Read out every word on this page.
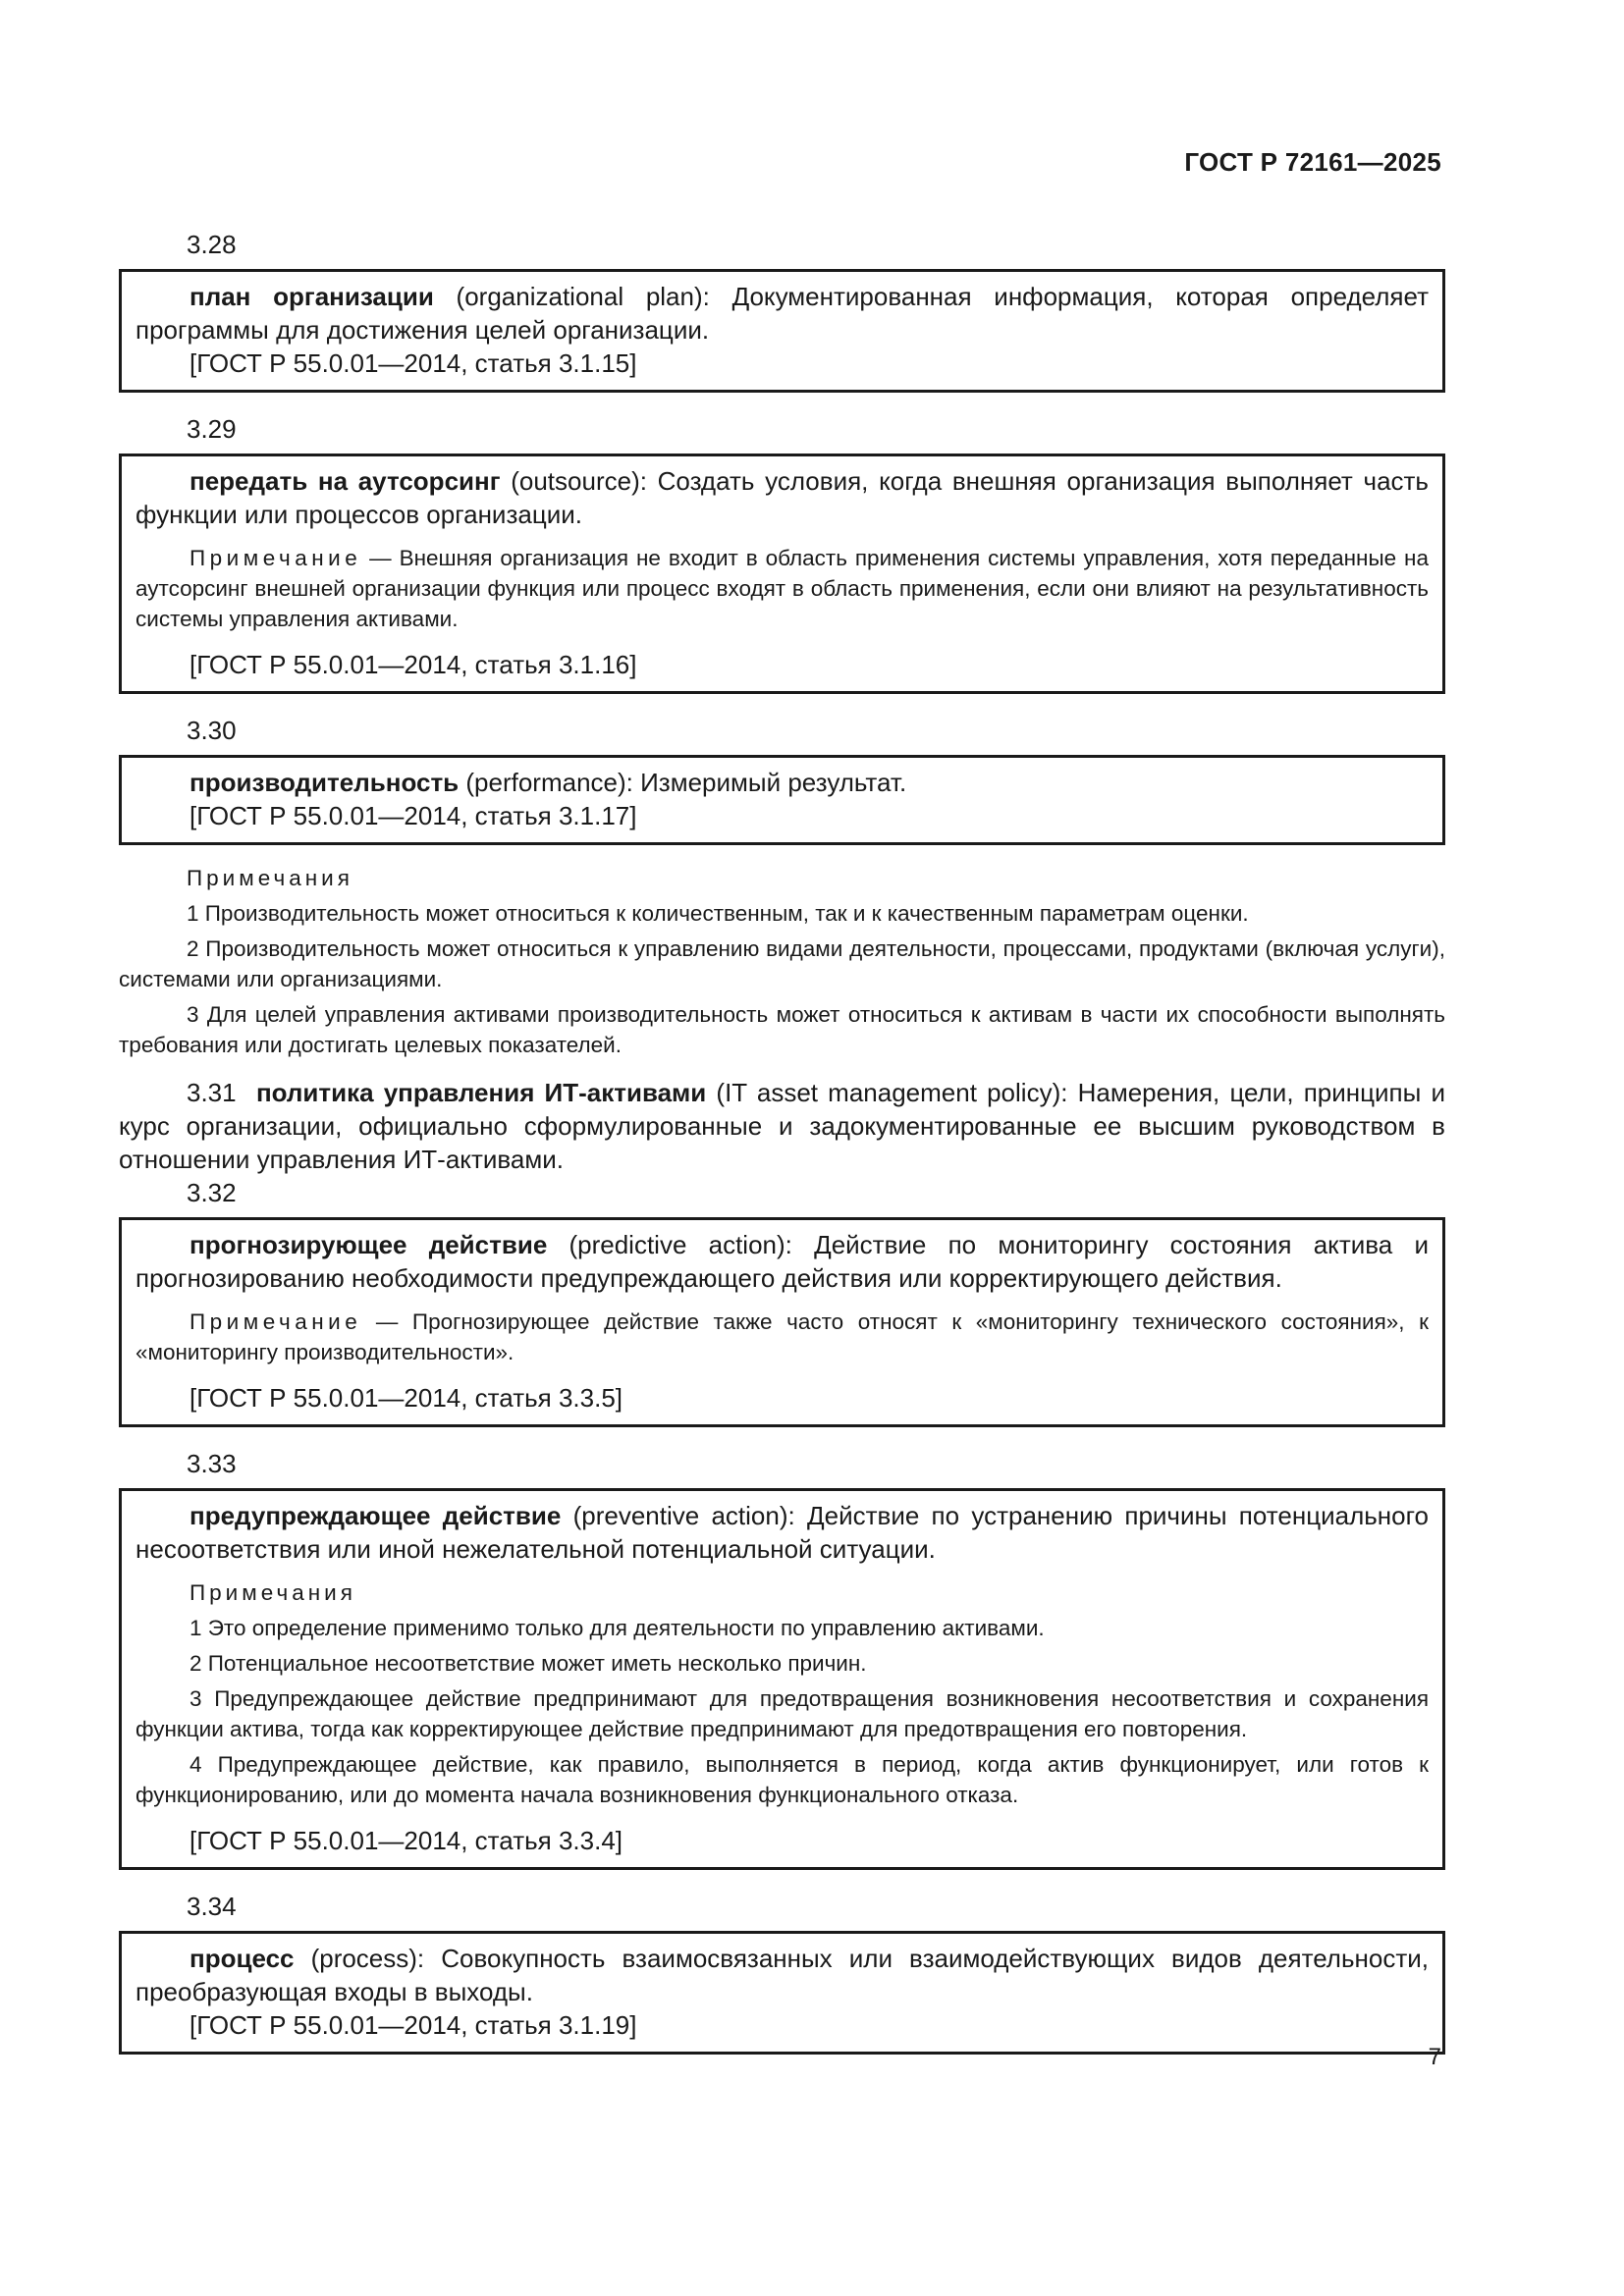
ГОСТ Р 72161—2025
3.28

план организации (organizational plan): Документированная информация, которая определяет программы для достижения целей организации.

[ГОСТ Р 55.0.01—2014, статья 3.1.15]

3.29

передать на аутсорсинг (outsource): Создать условия, когда внешняя организация выполняет часть функции или процессов организации.

Примечание — Внешняя организация не входит в область применения системы управления, хотя переданные на аутсорсинг внешней организации функция или процесс входят в область применения, если они влияют на результативность системы управления активами.

[ГОСТ Р 55.0.01—2014, статья 3.1.16]

3.30

производительность (performance): Измеримый результат.

[ГОСТ Р 55.0.01—2014, статья 3.1.17]

Примечания

1 Производительность может относиться к количественным, так и к качественным параметрам оценки.

2 Производительность может относиться к управлению видами деятельности, процессами, продуктами (включая услуги), системами или организациями.

3 Для целей управления активами производительность может относиться к активам в части их способности выполнять требования или достигать целевых показателей.

3.31 политика управления ИТ-активами (IT asset management policy): Намерения, цели, принципы и курс организации, официально сформулированные и задокументированные ее высшим руководством в отношении управления ИТ-активами.

3.32

прогнозирующее действие (predictive action): Действие по мониторингу состояния актива и прогнозированию необходимости предупреждающего действия или корректирующего действия.

Примечание — Прогнозирующее действие также часто относят к «мониторингу технического состояния», к «мониторингу производительности».

[ГОСТ Р 55.0.01—2014, статья 3.3.5]

3.33

предупреждающее действие (preventive action): Действие по устранению причины потенциального несоответствия или иной нежелательной потенциальной ситуации.

Примечания

1 Это определение применимо только для деятельности по управлению активами.

2 Потенциальное несоответствие может иметь несколько причин.

3 Предупреждающее действие предпринимают для предотвращения возникновения несоответствия и сохранения функции актива, тогда как корректирующее действие предпринимают для предотвращения его повторения.

4 Предупреждающее действие, как правило, выполняется в период, когда актив функционирует, или готов к функционированию, или до момента начала возникновения функционального отказа.

[ГОСТ Р 55.0.01—2014, статья 3.3.4]

3.34

процесс (process): Совокупность взаимосвязанных или взаимодействующих видов деятельности, преобразующая входы в выходы.

[ГОСТ Р 55.0.01—2014, статья 3.1.19]

7
